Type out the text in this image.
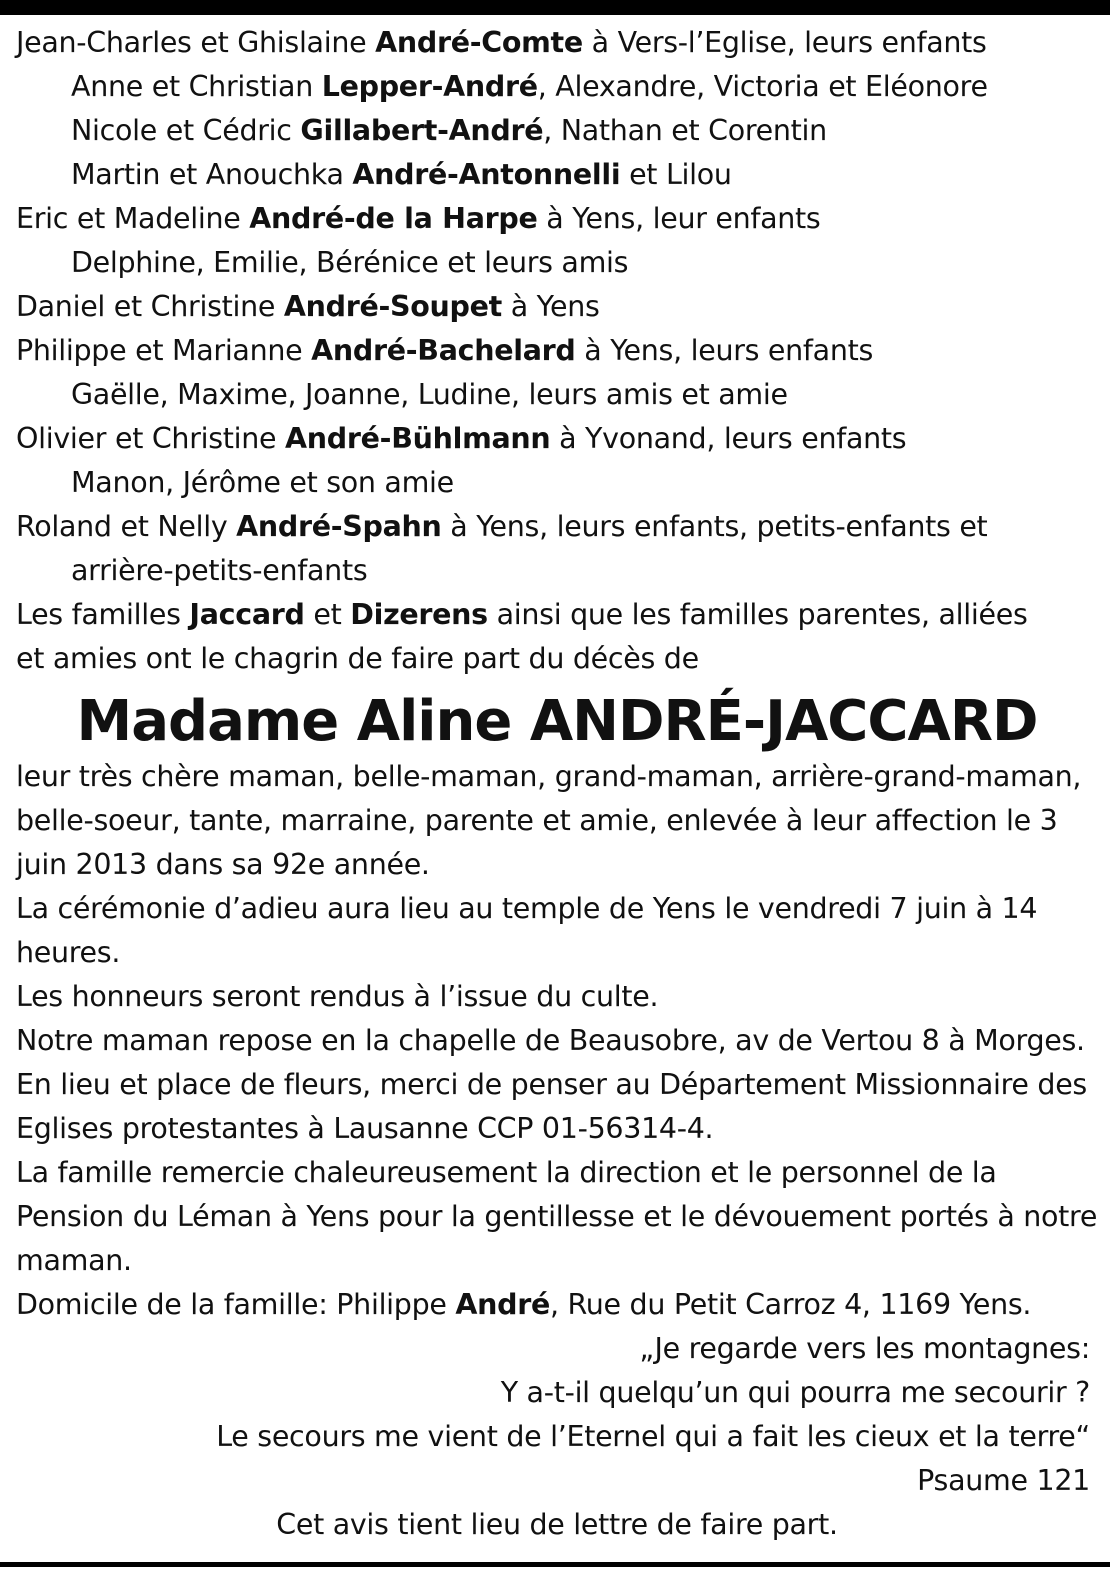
Jean-Charles et Ghislaine André-Comte à Vers-l’Eglise, leurs enfants
Anne et Christian Lepper-André, Alexandre, Victoria et Eléonore
Nicole et Cédric Gillabert-André, Nathan et Corentin
Martin et Anouchka André-Antonnelli et Lilou
Eric et Madeline André-de la Harpe à Yens, leur enfants
Delphine, Emilie, Bérénice et leurs amis
Daniel et Christine André-Soupet à Yens
Philippe et Marianne André-Bachelard à Yens, leurs enfants
Gaëlle, Maxime, Joanne, Ludine, leurs amis et amie
Olivier et Christine André-Bühlmann à Yvonand, leurs enfants
Manon, Jérôme et son amie
Roland et Nelly André-Spahn à Yens, leurs enfants, petits-enfants et
arrière-petits-enfants
Les familles Jaccard et Dizerens ainsi que les familles parentes, alliées
et amies ont le chagrin de faire part du décès de
Madame Aline ANDRÉ-JACCARD
leur très chère maman, belle-maman, grand-maman, arrière-grand-maman, belle-soeur, tante, marraine, parente et amie, enlevée à leur affection le 3 juin 2013 dans sa 92e année.
La cérémonie d’adieu aura lieu au temple de Yens le vendredi 7 juin à 14 heures.
Les honneurs seront rendus à l’issue du culte.
Notre maman repose en la chapelle de Beausobre, av de Vertou 8 à Morges.
En lieu et place de fleurs, merci de penser au Département Missionnaire des Eglises protestantes à Lausanne CCP 01-56314-4.
La famille remercie chaleureusement la direction et le personnel de la Pension du Léman à Yens pour la gentillesse et le dévouement portés à notre maman.
Domicile de la famille: Philippe André, Rue du Petit Carroz 4, 1169 Yens.
„Je regarde vers les montagnes:
Y a-t-il quelqu’un qui pourra me secourir ?
Le secours me vient de l’Eternel qui a fait les cieux et la terre“
Psaume 121
Cet avis tient lieu de lettre de faire part.
